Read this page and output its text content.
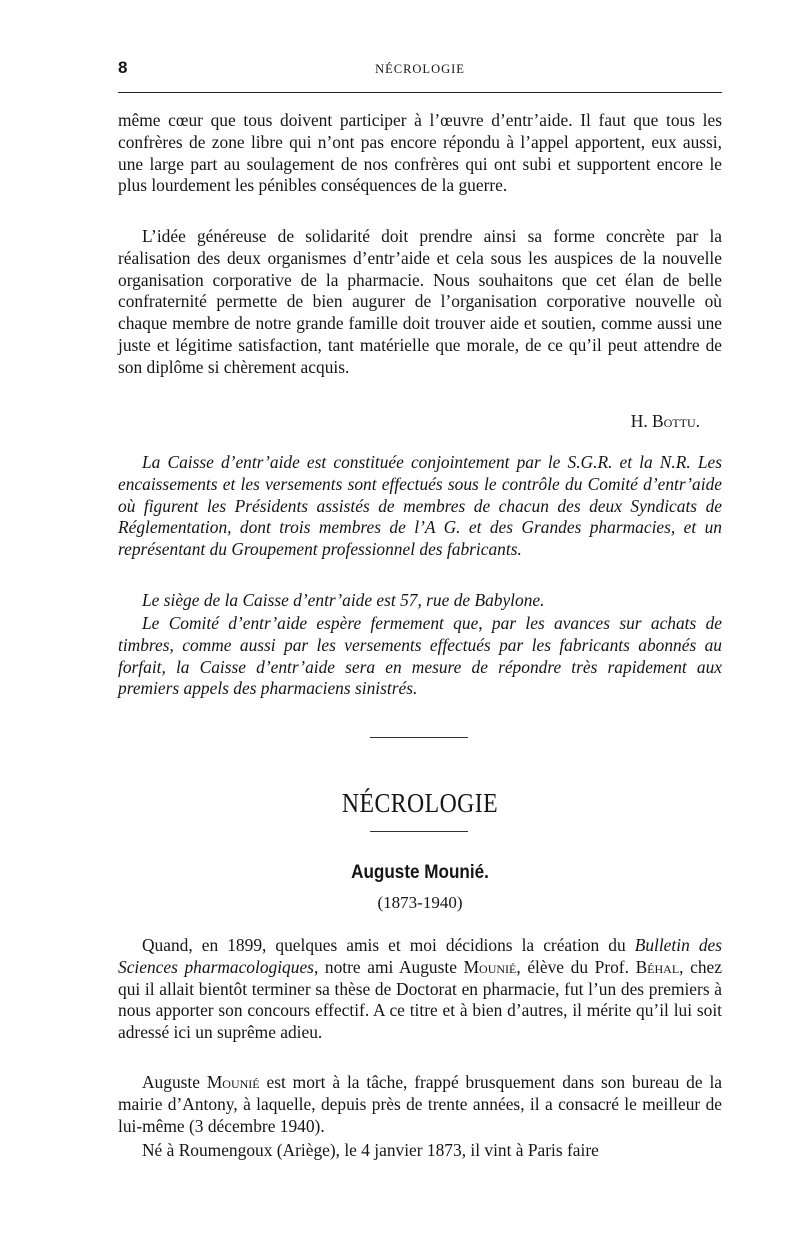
8	NÉCROLOGIE

même cœur que tous doivent participer à l’œuvre d’entr’aide. Il faut que tous les confrères de zone libre qui n’ont pas encore répondu à l’appel apportent, eux aussi, une large part au soulagement de nos confrères qui ont subi et supportent encore le plus lourdement les pénibles conséquences de la guerre.

L’idée généreuse de solidarité doit prendre ainsi sa forme concrète par la réalisation des deux organismes d’entr’aide et cela sous les auspices de la nouvelle organisation corporative de la pharmacie. Nous souhaitons que cet élan de belle confraternité permette de bien augurer de l’organisation corporative nouvelle où chaque membre de notre grande famille doit trouver aide et soutien, comme aussi une juste et légitime satisfaction, tant matérielle que morale, de ce qu’il peut attendre de son diplôme si chèrement acquis.

H. Bottu.

La Caisse d’entr’aide est constituée conjointement par le S.G.R. et la N.R. Les encaissements et les versements sont effectués sous le contrôle du Comité d’entr’aide où figurent les Présidents assistés de membres de chacun des deux Syndicats de Réglementation, dont trois membres de l’A G. et des Grandes pharmacies, et un représentant du Groupement professionnel des fabricants.

Le siège de la Caisse d’entr’aide est 57, rue de Babylone.

Le Comité d’entr’aide espère fermement que, par les avances sur achats de timbres, comme aussi par les versements effectués par les fabricants abonnés au forfait, la Caisse d’entr’aide sera en mesure de répondre très rapidement aux premiers appels des pharmaciens sinistrés.

NÉCROLOGIE
Auguste Mounié.
(1873-1940)

Quand, en 1899, quelques amis et moi décidions la création du Bulletin des Sciences pharmacologiques, notre ami Auguste Mounié, élève du Prof. Béhal, chez qui il allait bientôt terminer sa thèse de Doctorat en pharmacie, fut l’un des premiers à nous apporter son concours effectif. A ce titre et à bien d’autres, il mérite qu’il lui soit adressé ici un suprême adieu.

Auguste Mounié est mort à la tâche, frappé brusquement dans son bureau de la mairie d’Antony, à laquelle, depuis près de trente années, il a consacré le meilleur de lui-même (3 décembre 1940).

Né à Roumengoux (Ariège), le 4 janvier 1873, il vint à Paris faire
